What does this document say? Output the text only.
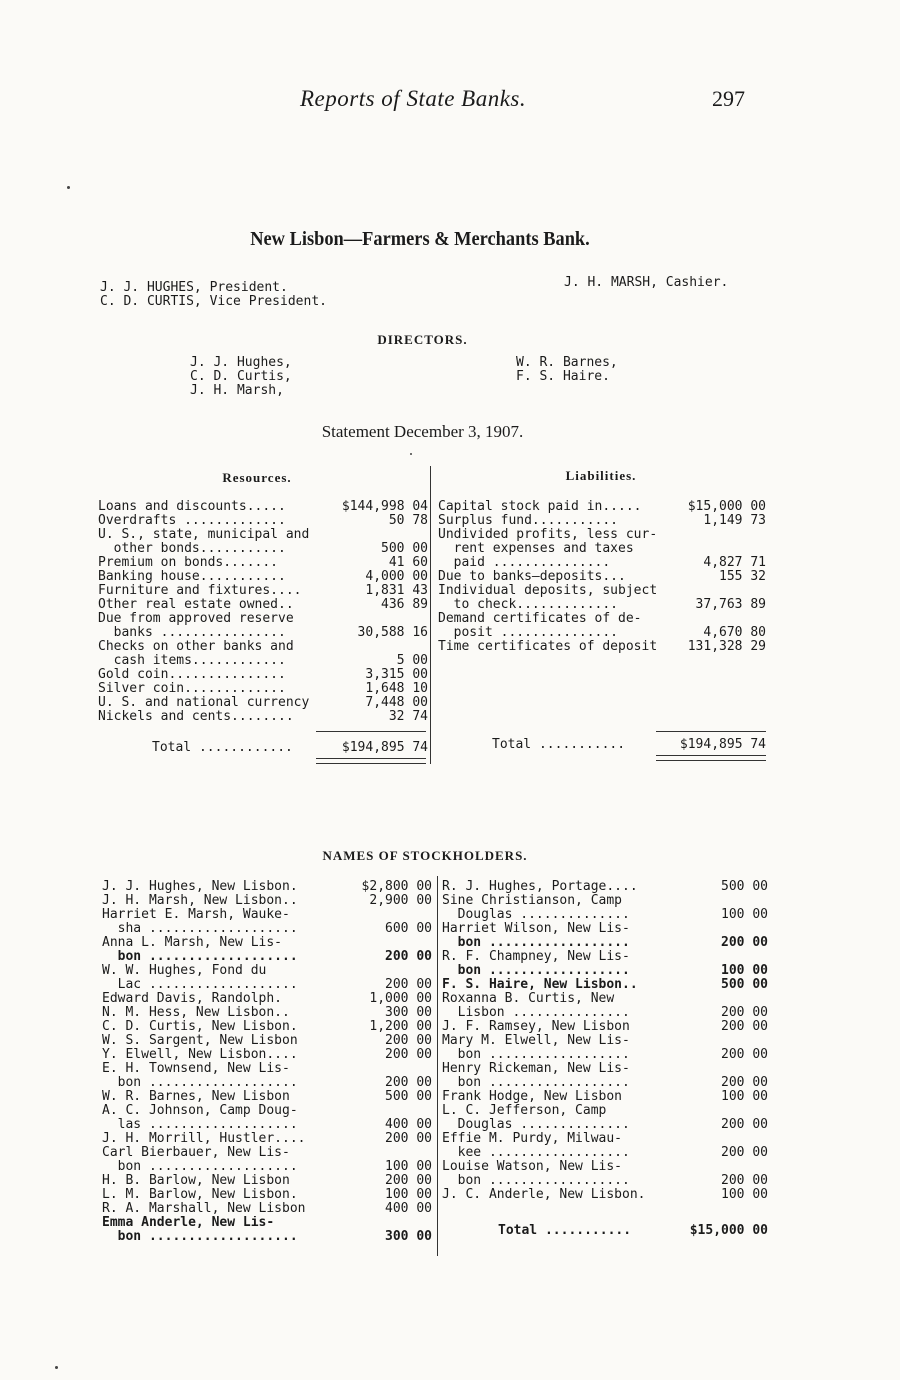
Reports of State Banks.	297
New Lisbon—Farmers & Merchants Bank.
J. J. HUGHES, President.
C. D. CURTIS, Vice President.
J. H. MARSH, Cashier.
DIRECTORS.
J. J. Hughes,
C. D. Curtis,
J. H. Marsh,
W. R. Barnes,
F. S. Haire.
Statement December 3, 1907.
Resources.	Liabilities.
Loans and discounts.....	$144,998 04
Overdrafts .............	50 78
U. S., state, municipal and
other bonds...........	500 00
Premium on bonds.......	41 60
Banking house...........	4,000 00
Furniture and fixtures....	1,831 43
Other real estate owned..	436 89
Due from approved reserve
banks ................	30,588 16
Checks on other banks and
cash items............	5 00
Gold coin...............	3,315 00
Silver coin.............	1,648 10
U. S. and national currency	7,448 00
Nickels and cents........	32 74
Capital stock paid in.....	$15,000 00
Surplus fund...........	1,149 73
Undivided profits, less cur-
rent expenses and taxes
paid ...............	4,827 71
Due to banks—deposits...	155 32
Individual deposits, subject
to check.............	37,763 89
Demand certificates of de-
posit ...............	4,670 80
Time certificates of deposit	131,328 29
Total ............	$194,895 74	Total ...........	$194,895 74
NAMES OF STOCKHOLDERS.
J. J. Hughes, New Lisbon.	$2,800 00
J. H. Marsh, New Lisbon..	2,900 00
Harriet E. Marsh, Wauke-
sha ...................	600 00
Anna L. Marsh, New Lis-
bon ...................	200 00
W. W. Hughes, Fond du
Lac ...................	200 00
Edward Davis, Randolph.	1,000 00
N. M. Hess, New Lisbon..	300 00
C. D. Curtis, New Lisbon.	1,200 00
W. S. Sargent, New Lisbon	200 00
Y. Elwell, New Lisbon....	200 00
E. H. Townsend, New Lis-
bon ...................	200 00
W. R. Barnes, New Lisbon	500 00
A. C. Johnson, Camp Doug-
las ...................	400 00
J. H. Morrill, Hustler....	200 00
Carl Bierbauer, New Lis-
bon ...................	100 00
H. B. Barlow, New Lisbon	200 00
L. M. Barlow, New Lisbon.	100 00
R. A. Marshall, New Lisbon	400 00
Emma Anderle, New Lis-
bon ...................	300 00
R. J. Hughes, Portage....	500 00
Sine Christianson, Camp
Douglas ..............	100 00
Harriet Wilson, New Lis-
bon ..................	200 00
R. F. Champney, New Lis-
bon ..................	100 00
F. S. Haire, New Lisbon..	500 00
Roxanna B. Curtis, New
Lisbon ...............	200 00
J. F. Ramsey, New Lisbon	200 00
Mary M. Elwell, New Lis-
bon ..................	200 00
Henry Rickeman, New Lis-
bon ..................	200 00
Frank Hodge, New Lisbon	100 00
L. C. Jefferson, Camp
Douglas ..............	200 00
Effie M. Purdy, Milwau-
kee ..................	200 00
Louise Watson, New Lis-
bon ..................	200 00
J. C. Anderle, New Lisbon.	100 00
Total ...........	$15,000 00
